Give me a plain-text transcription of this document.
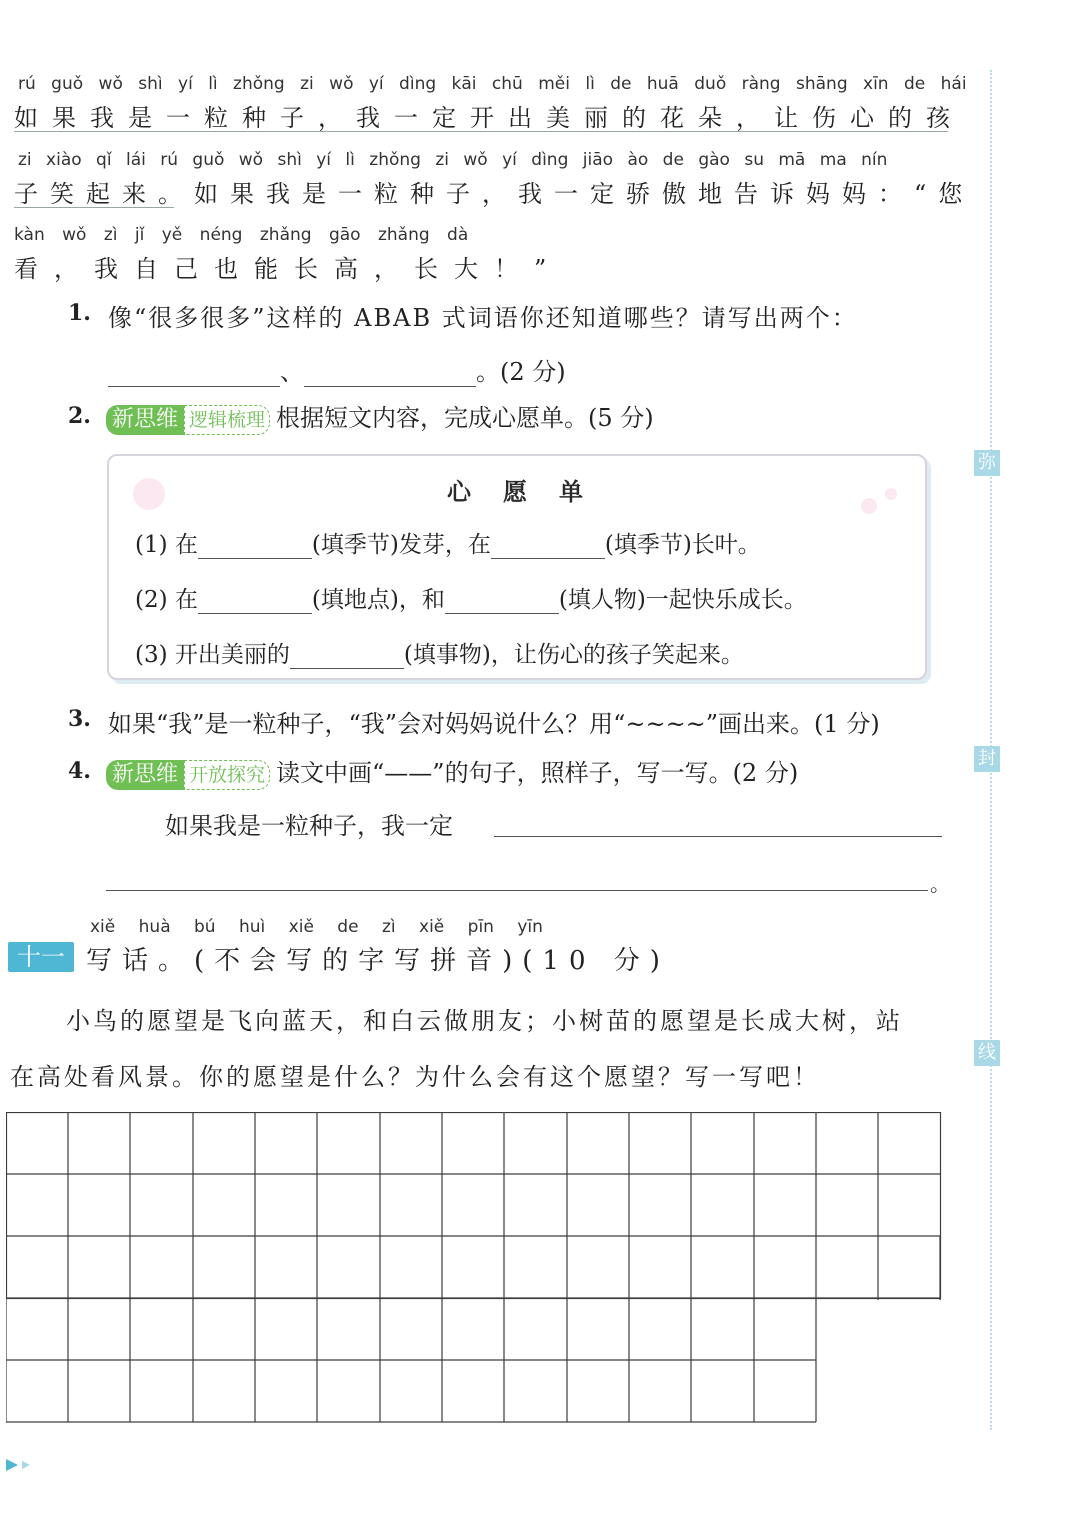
rú guǒ wǒ shì yí lì zhǒng zi wǒ yí dìng kāi chū měi lì de huā duǒ ràng shāng xīn de hái
如果我是一粒种子，我一定开出美丽的花朵，让伤心的孩
zi xiào qǐ lái rú guǒ wǒ shì yí lì zhǒng zi wǒ yí dìng jiāo ào de gào su mā ma nín
子笑起来。如果我是一粒种子，我一定骄傲地告诉妈妈：“您
kàn wǒ zì jǐ yě néng zhǎng gāo zhǎng dà
看，我自己也能长高，长大！”
1. 像“很多很多”这样的 ABAB 式词语你还知道哪些？请写出两个：
、	。(2 分)
2. 新思维 逻辑梳理 根据短文内容，完成心愿单。(5 分)
心　愿　单
(1) 在	(填季节)发芽，在	(填季节)长叶。
(2) 在	(填地点)，和	(填人物)一起快乐成长。
(3) 开出美丽的	(填事物)，让伤心的孩子笑起来。
3. 如果“我”是一粒种子，“我”会对妈妈说什么？用“~~~~”画出来。(1 分)
4. 新思维 开放探究 读文中画“——”的句子，照样子，写一写。(2 分)
如果我是一粒种子，我一定
。
xiě huà bú huì xiě de zì xiě pīn yīn
十一 写话。(不会写的字写拼音)(10 分)
小鸟的愿望是飞向蓝天，和白云做朋友；小树苗的愿望是长成大树，站
在高处看风景。你的愿望是什么？为什么会有这个愿望？写一写吧！
弥
封
线
